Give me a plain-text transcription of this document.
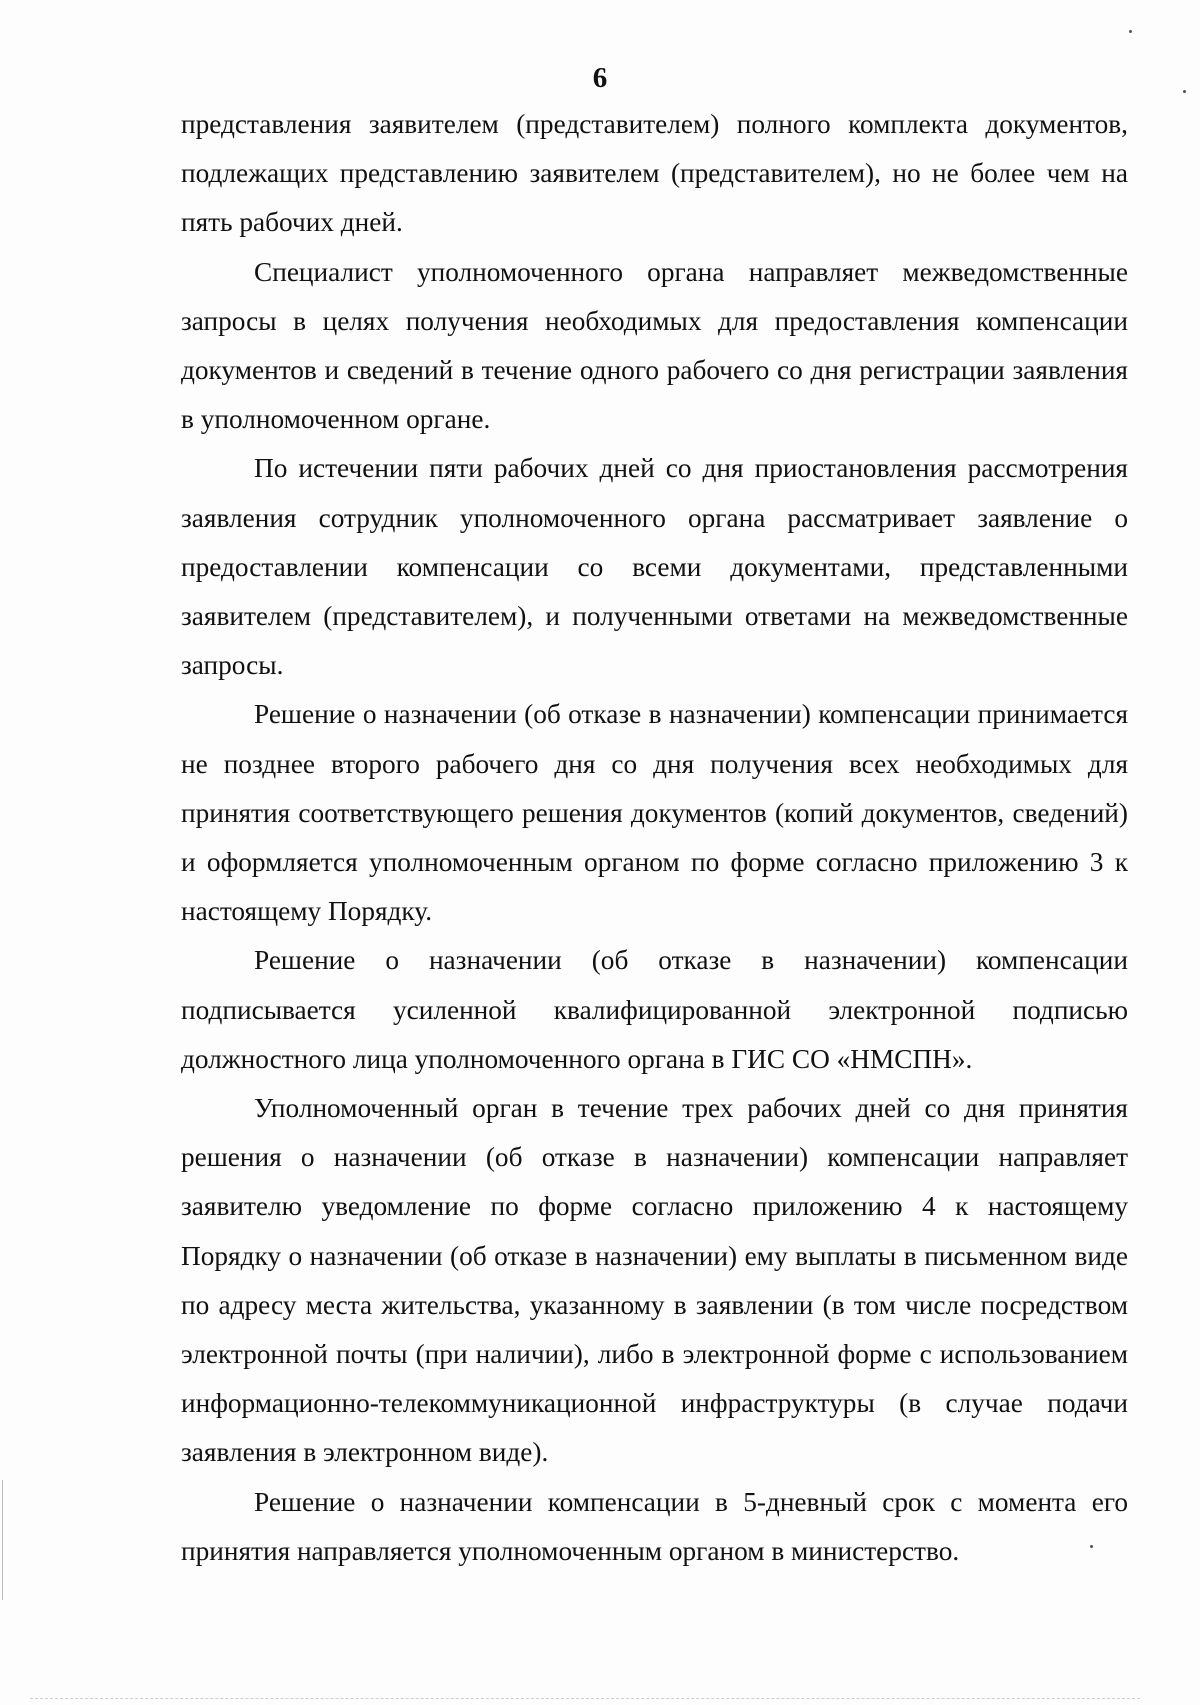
6

представления заявителем (представителем) полного комплекта документов, подлежащих представлению заявителем (представителем), но не более чем на пять рабочих дней.

Специалист уполномоченного органа направляет межведомственные запросы в целях получения необходимых для предоставления компенсации документов и сведений в течение одного рабочего со дня регистрации заявления в уполномоченном органе.

По истечении пяти рабочих дней со дня приостановления рассмотрения заявления сотрудник уполномоченного органа рассматривает заявление о предоставлении компенсации со всеми документами, представленными заявителем (представителем), и полученными ответами на межведомственные запросы.

Решение о назначении (об отказе в назначении) компенсации принимается не позднее второго рабочего дня со дня получения всех необходимых для принятия соответствующего решения документов (копий документов, сведений) и оформляется уполномоченным органом по форме согласно приложению 3 к настоящему Порядку.

Решение о назначении (об отказе в назначении) компенсации подписывается усиленной квалифицированной электронной подписью должностного лица уполномоченного органа в ГИС СО «НМСПН».

Уполномоченный орган в течение трех рабочих дней со дня принятия решения о назначении (об отказе в назначении) компенсации направляет заявителю уведомление по форме согласно приложению 4 к настоящему Порядку о назначении (об отказе в назначении) ему выплаты в письменном виде по адресу места жительства, указанному в заявлении (в том числе посредством электронной почты (при наличии), либо в электронной форме с использованием информационно-телекоммуникационной инфраструктуры (в случае подачи заявления в электронном виде).

Решение о назначении компенсации в 5-дневный срок с момента его принятия направляется уполномоченным органом в министерство.
